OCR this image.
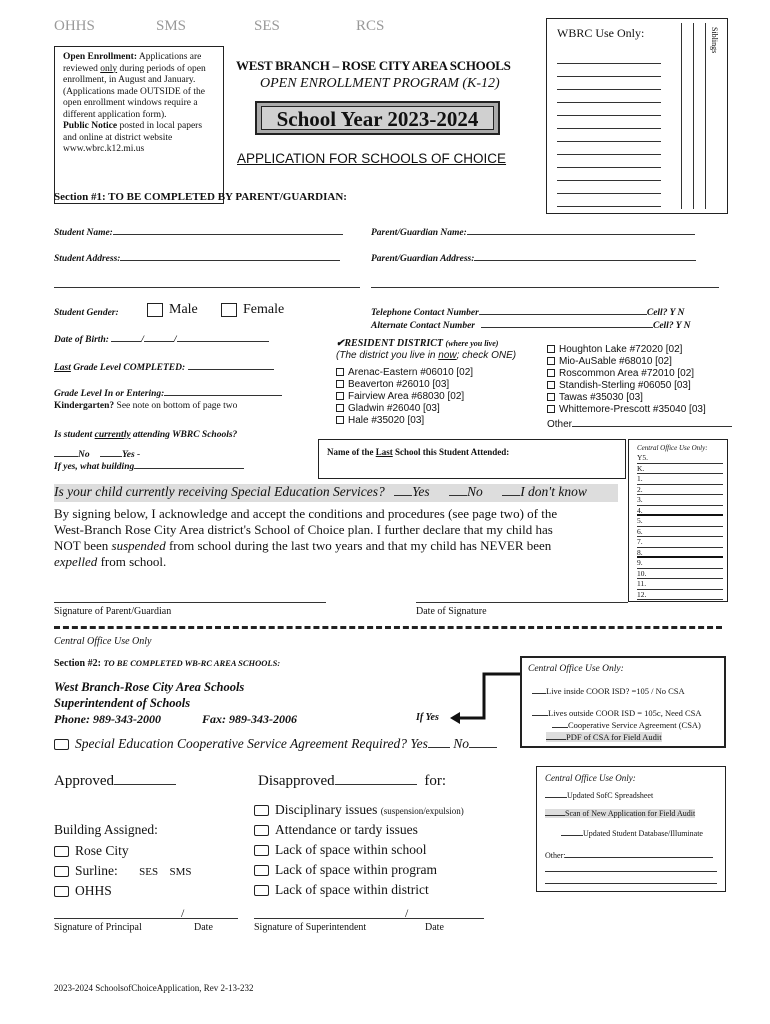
OHHS	SMS	SES	RCS	WBRC Use Only:	Siblings
Open Enrollment: Applications are reviewed only during periods of open enrollment, in August and January. (Applications made OUTSIDE of the open enrollment windows require a different application form).
Public Notice posted in local papers and online at district website www.wbrc.k12.mi.us
WEST BRANCH – ROSE CITY AREA SCHOOLS
OPEN ENROLLMENT PROGRAM (K-12)
School Year 2023-2024
APPLICATION FOR SCHOOLS OF CHOICE
Section #1: TO BE COMPLETED BY PARENT/GUARDIAN:
Student Name:	Parent/Guardian Name:
Student Address:	Parent/Guardian Address:
Student Gender:	Male	Female	Telephone Contact Number	Cell? Y N
Alternate Contact Number	Cell? Y N
Date of Birth:	/	/
Last Grade Level COMPLETED:
Grade Level In or Entering:
Kindergarten? See note on bottom of page two
Is student currently attending WBRC Schools?
No	Yes -
If yes, what building
✔RESIDENT DISTRICT (where you live)
(The district you live in now; check ONE)
Arenac-Eastern #06010 [02]
Beaverton #26010 [03]
Fairview Area #68030 [02]
Gladwin #26040 [03]
Hale #35020 [03]
Houghton Lake #72020 [02]
Mio-AuSable #68010 [02]
Roscommon Area #72010 [02]
Standish-Sterling #06050 [03]
Tawas #35030 [03]
Whittemore-Prescott #35040 [03]
Other
Name of the Last School this Student Attended:	Central Office Use Only:
Y5.
K.
1.
2.
3.
4.
5.
6.
7.
8.
9.
10.
11.
12.
Is your child currently receiving Special Education Services? Yes	No	I don't know
By signing below, I acknowledge and accept the conditions and procedures (see page two) of the West-Branch Rose City Area district's School of Choice plan. I further declare that my child has NOT been suspended from school during the last two years and that my child has NEVER been expelled from school.
Signature of Parent/Guardian	Date of Signature
Central Office Use Only
Section #2: TO BE COMPLETED WB-RC AREA SCHOOLS:
West Branch-Rose City Area Schools
Superintendent of Schools
Phone: 989-343-2000	Fax: 989-343-2006	If Yes
Central Office Use Only:
Live inside COOR ISD? =105 / No CSA
Lives outside COOR ISD = 105c, Need CSA
Cooperative Service Agreement (CSA)
PDF of CSA for Field Audit
Special Education Cooperative Service Agreement Required? Yes No
Approved	Disapproved	for:
Disciplinary issues (suspension/expulsion)
Attendance or tardy issues
Lack of space within school
Lack of space within program
Lack of space within district
Building Assigned:
Rose City
Surline: SES SMS
OHHS
/
Signature of Principal	Date
/
Signature of Superintendent	Date
Central Office Use Only:
Updated SofC Spreadsheet
Scan of New Application for Field Audit
Updated Student Database/Illuminate
Other:
2023-2024 SchoolsofChoiceApplication, Rev 2-13-232
